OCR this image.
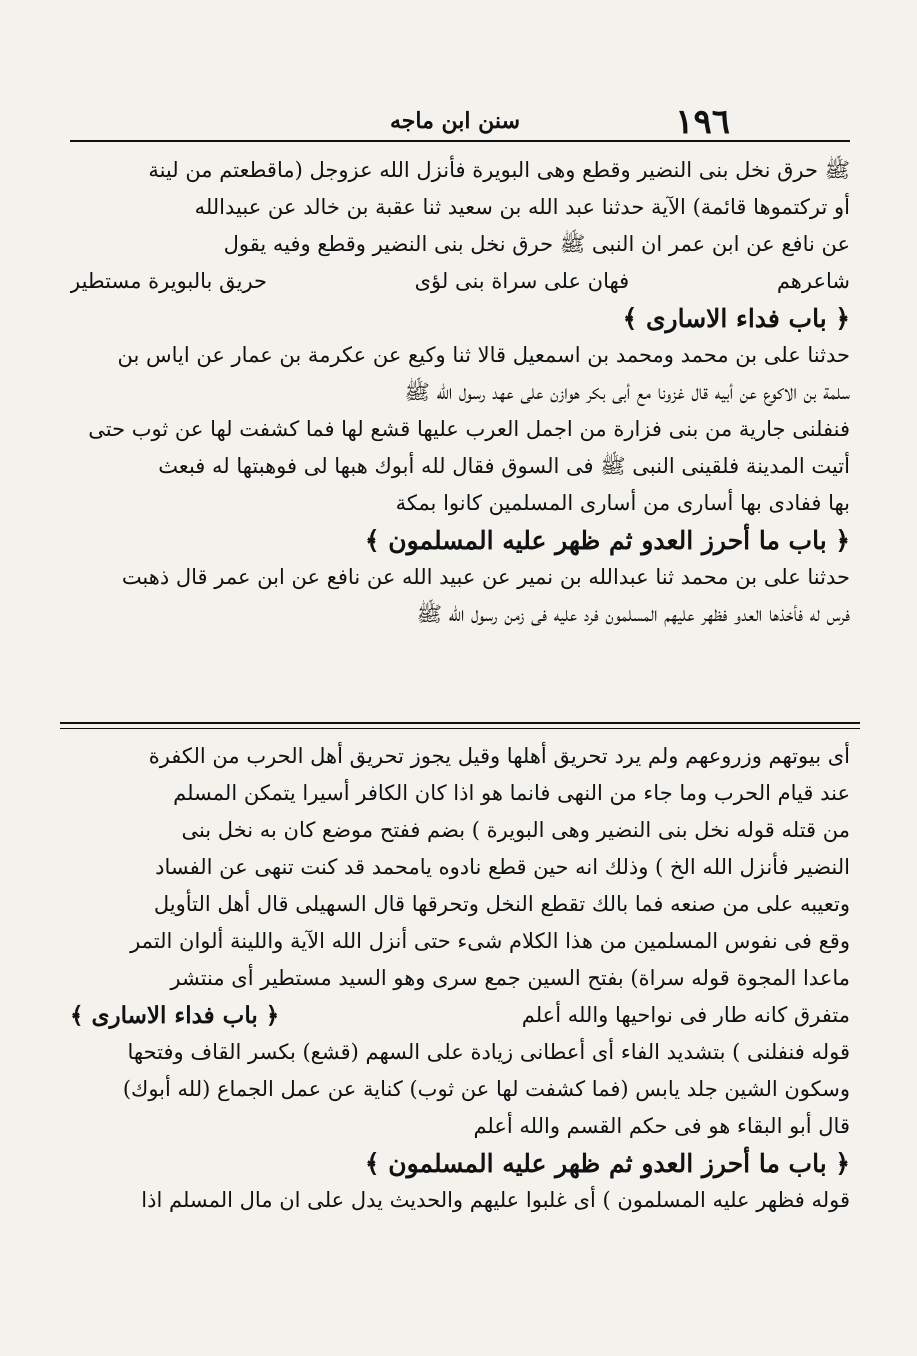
سنن ابن ماجه	١٩٦
ﷺ حرق نخل بنى النضير وقطع وهى البويرة فأنزل الله عزوجل (ماقطعتم من لينة
أو تركتموها قائمة) الآية حدثنا عبد الله بن سعيد ثنا عقبة بن خالد عن عبيدالله
عن نافع عن ابن عمر ان النبى ﷺ حرق نخل بنى النضير وقطع وفيه يقول
شاعرهم
فهان على سراة بنى لؤى
حريق بالبويرة مستطير
﴿ باب فداء الاسارى ﴾
حدثنا على بن محمد ومحمد بن اسمعيل قالا ثنا وكيع عن عكرمة بن عمار عن اياس بن
سلمة بن الاكوع عن أبيه قال غزونا مع أبى بكر هوازن على عهد رسول الله ﷺ
فنفلنى جارية من بنى فزارة من اجمل العرب عليها قشع لها فما كشفت لها عن ثوب حتى
أتيت المدينة فلقينى النبى ﷺ فى السوق فقال لله أبوك هبها لى فوهبتها له فبعث
بها ففادى بها أسارى من أسارى المسلمين كانوا بمكة
﴿ باب ما أحرز العدو ثم ظهر عليه المسلمون ﴾
حدثنا على بن محمد ثنا عبدالله بن نمير عن عبيد الله عن نافع عن ابن عمر قال ذهبت
فرس له فأخذها العدو فظهر عليهم المسلمون فرد عليه فى زمن رسول الله ﷺ
أى بيوتهم وزروعهم ولم يرد تحريق أهلها وقيل يجوز تحريق أهل الحرب من الكفرة
عند قيام الحرب وما جاء من النهى فانما هو اذا كان الكافر أسيرا يتمكن المسلم
من قتله قوله نخل بنى النضير وهى البويرة ) بضم ففتح موضع كان به نخل بنى
النضير فأنزل الله الخ ) وذلك انه حين قطع نادوه يامحمد قد كنت تنهى عن الفساد
وتعيبه على من صنعه فما بالك تقطع النخل وتحرقها قال السهيلى قال أهل التأويل
وقع فى نفوس المسلمين من هذا الكلام شىء حتى أنزل الله الآية واللينة ألوان التمر
ماعدا المجوة قوله سراة) بفتح السين جمع سرى وهو السيد مستطير أى منتشر
متفرق كانه طار فى نواحيها والله أعلم
﴿ باب فداء الاسارى ﴾
قوله فنفلنى ) بتشديد الفاء أى أعطانى زيادة على السهم (قشع) بكسر القاف وفتحها
وسكون الشين جلد يابس (فما كشفت لها عن ثوب) كناية عن عمل الجماع (لله أبوك)
قال أبو البقاء هو فى حكم القسم والله أعلم
﴿ باب ما أحرز العدو ثم ظهر عليه المسلمون ﴾
قوله فظهر عليه المسلمون ) أى غلبوا عليهم والحديث يدل على ان مال المسلم اذا
